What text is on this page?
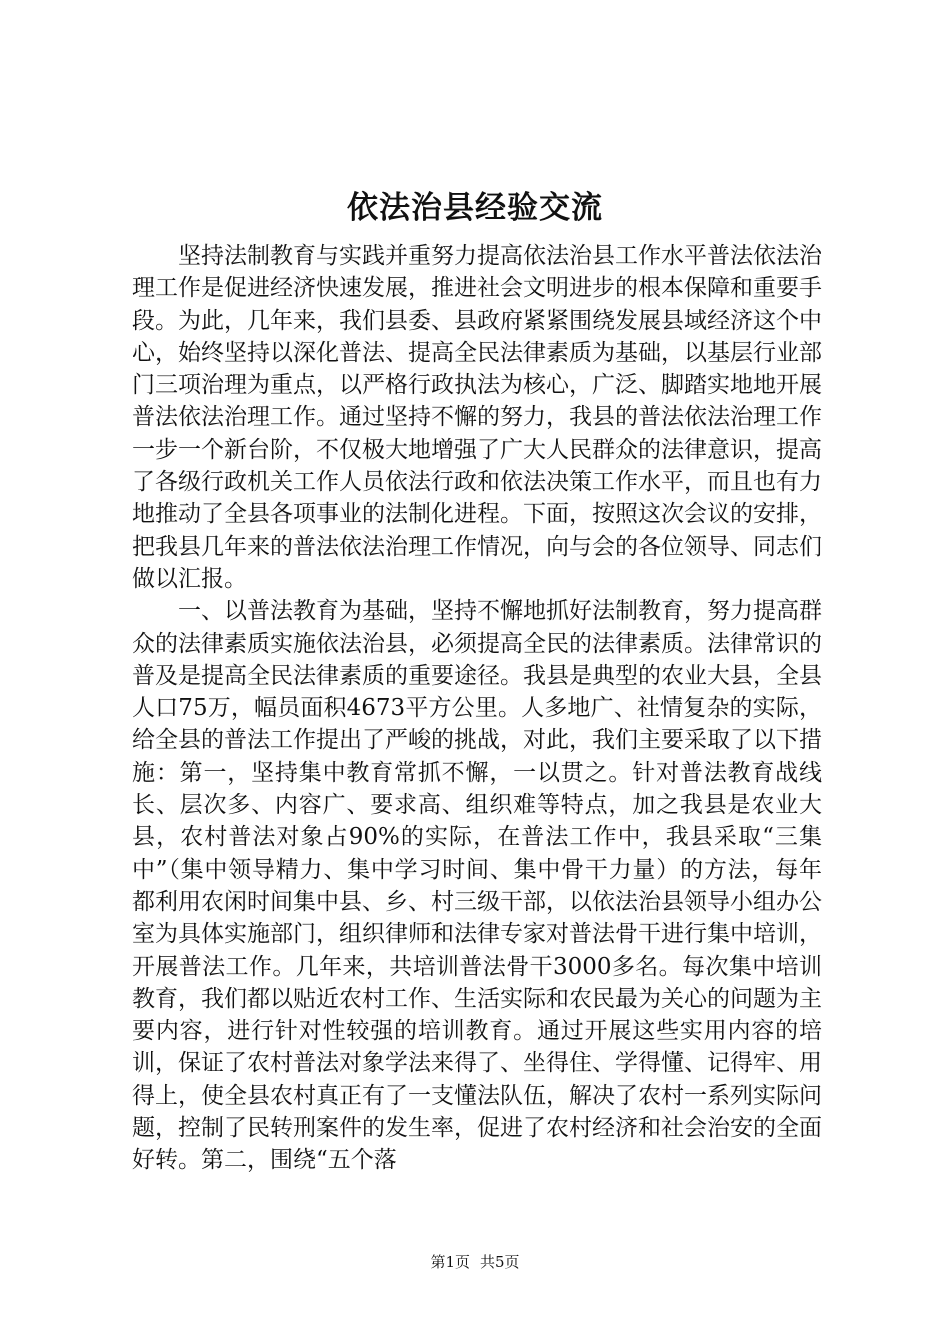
依法治县经验交流

坚持法制教育与实践并重努力提高依法治县工作水平普法依法治理工作是促进经济快速发展，推进社会文明进步的根本保障和重要手段。为此，几年来，我们县委、县政府紧紧围绕发展县域经济这个中心，始终坚持以深化普法、提高全民法律素质为基础，以基层行业部门三项治理为重点，以严格行政执法为核心，广泛、脚踏实地地开展普法依法治理工作。通过坚持不懈的努力，我县的普法依法治理工作一步一个新台阶，不仅极大地增强了广大人民群众的法律意识，提高了各级行政机关工作人员依法行政和依法决策工作水平，而且也有力地推动了全县各项事业的法制化进程。下面，按照这次会议的安排，把我县几年来的普法依法治理工作情况，向与会的各位领导、同志们做以汇报。

一、以普法教育为基础，坚持不懈地抓好法制教育，努力提高群众的法律素质实施依法治县，必须提高全民的法律素质。法律常识的普及是提高全民法律素质的重要途径。我县是典型的农业大县，全县人口75万，幅员面积4673平方公里。人多地广、社情复杂的实际，给全县的普法工作提出了严峻的挑战，对此，我们主要采取了以下措施：第一，坚持集中教育常抓不懈，一以贯之。针对普法教育战线长、层次多、内容广、要求高、组织难等特点，加之我县是农业大县，农村普法对象占90%的实际，在普法工作中，我县采取“三集中”（集中领导精力、集中学习时间、集中骨干力量）的方法，每年都利用农闲时间集中县、乡、村三级干部，以依法治县领导小组办公室为具体实施部门，组织律师和法律专家对普法骨干进行集中培训，开展普法工作。几年来，共培训普法骨干3000多名。每次集中培训教育，我们都以贴近农村工作、生活实际和农民最为关心的问题为主要内容，进行针对性较强的培训教育。通过开展这些实用内容的培训，保证了农村普法对象学法来得了、坐得住、学得懂、记得牢、用得上，使全县农村真正有了一支懂法队伍，解决了农村一系列实际问题，控制了民转刑案件的发生率，促进了农村经济和社会治安的全面好转。第二，围绕“五个落

第1页 共5页
